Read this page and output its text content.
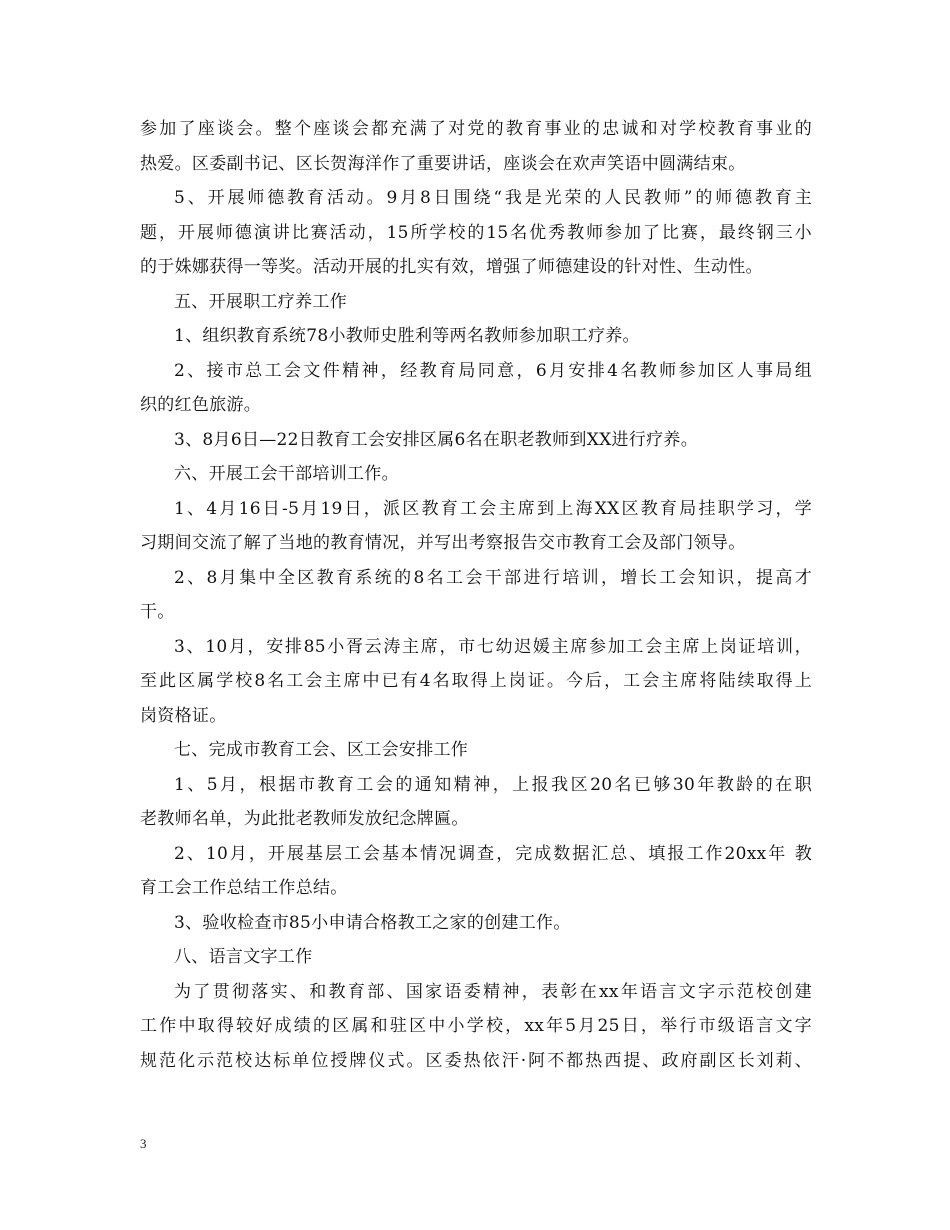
参加了座谈会。整个座谈会都充满了对党的教育事业的忠诚和对学校教育事业的
热爱。区委副书记、区长贺海洋作了重要讲话，座谈会在欢声笑语中圆满结束。
5、开展师德教育活动。9月8日围绕“我是光荣的人民教师”的师德教育主
题，开展师德演讲比赛活动，15所学校的15名优秀教师参加了比赛，最终钢三小
的于姝娜获得一等奖。活动开展的扎实有效，增强了师德建设的针对性、生动性。
五、开展职工疗养工作
1、组织教育系统78小教师史胜利等两名教师参加职工疗养。
2、接市总工会文件精神，经教育局同意，6月安排4名教师参加区人事局组
织的红色旅游。
3、8月6日—22日教育工会安排区属6名在职老教师到XX进行疗养。
六、开展工会干部培训工作。
1、4月16日-5月19日，派区教育工会主席到上海XX区教育局挂职学习，学
习期间交流了解了当地的教育情况，并写出考察报告交市教育工会及部门领导。
2、8月集中全区教育系统的8名工会干部进行培训，增长工会知识，提高才
干。
3、10月，安排85小胥云涛主席，市七幼迟媛主席参加工会主席上岗证培训，
至此区属学校8名工会主席中已有4名取得上岗证。今后，工会主席将陆续取得上
岗资格证。
七、完成市教育工会、区工会安排工作
1、5月，根据市教育工会的通知精神，上报我区20名已够30年教龄的在职
老教师名单，为此批老教师发放纪念牌匾。
2、10月，开展基层工会基本情况调查，完成数据汇总、填报工作20xx年 教
育工会工作总结工作总结。
3、验收检查市85小申请合格教工之家的创建工作。
八、语言文字工作
为了贯彻落实、和教育部、国家语委精神，表彰在xx年语言文字示范校创建
工作中取得较好成绩的区属和驻区中小学校，xx年5月25日，举行市级语言文字
规范化示范校达标单位授牌仪式。区委热依汗·阿不都热西提、政府副区长刘莉、
3
